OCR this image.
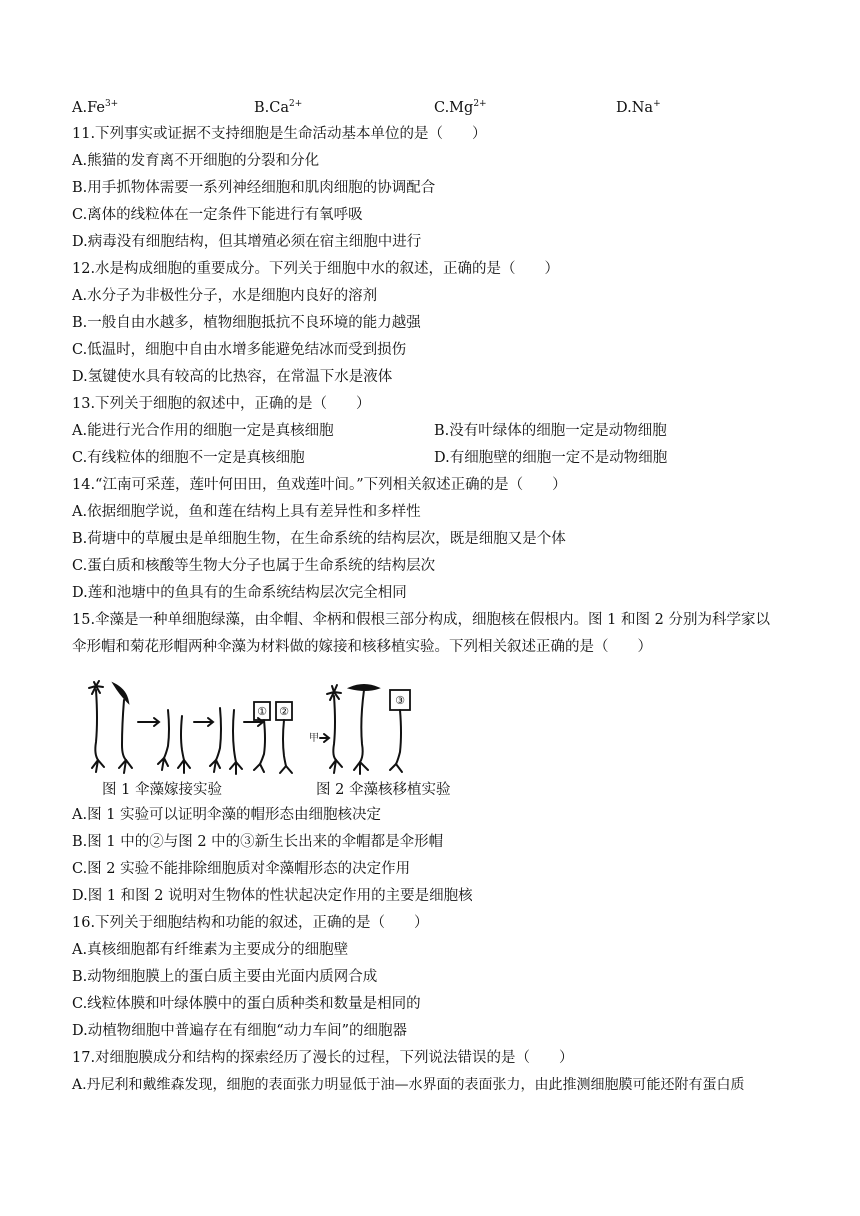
$A.Fe^{3+}$	$B.Ca^{2+}$	$C.Mg^{2+}$	D.Na+
11.下列事实或证据不支持细胞是生命活动基本单位的是（　　）
A.熊猫的发育离不开细胞的分裂和分化
B.用手抓物体需要一系列神经细胞和肌肉细胞的协调配合
C.离体的线粒体在一定条件下能进行有氧呼吸
D.病毒没有细胞结构，但其增殖必须在宿主细胞中进行
12.水是构成细胞的重要成分。下列关于细胞中水的叙述，正确的是（　　）
A.水分子为非极性分子，水是细胞内良好的溶剂
B.一般自由水越多，植物细胞抵抗不良环境的能力越强
C.低温时，细胞中自由水增多能避免结冰而受到损伤
D.氢键使水具有较高的比热容，在常温下水是液体
13.下列关于细胞的叙述中，正确的是（　　）
A.能进行光合作用的细胞一定是真核细胞	B.没有叶绿体的细胞一定是动物细胞
C.有线粒体的细胞不一定是真核细胞	D.有细胞壁的细胞一定不是动物细胞
14.“江南可采莲，莲叶何田田，鱼戏莲叶间。”下列相关叙述正确的是（　　）
A.依据细胞学说，鱼和莲在结构上具有差异性和多样性
B.荷塘中的草履虫是单细胞生物，在生命系统的结构层次，既是细胞又是个体
C.蛋白质和核酸等生物大分子也属于生命系统的结构层次
D.莲和池塘中的鱼具有的生命系统结构层次完全相同
15.伞藻是一种单细胞绿藻，由伞帽、伞柄和假根三部分构成，细胞核在假根内。图 1 和图 2 分别为科学家以
伞形帽和菊花形帽两种伞藻为材料做的嫁接和核移植实验。下列相关叙述正确的是（　　）
① ②
③
甲
图 1 伞藻嫁接实验	图 2 伞藻核移植实验
A.图 1 实验可以证明伞藻的帽形态由细胞核决定
B.图 1 中的②与图 2 中的③新生长出来的伞帽都是伞形帽
C.图 2 实验不能排除细胞质对伞藻帽形态的决定作用
D.图 1 和图 2 说明对生物体的性状起决定作用的主要是细胞核
16.下列关于细胞结构和功能的叙述，正确的是（　　）
A.真核细胞都有纤维素为主要成分的细胞壁
B.动物细胞膜上的蛋白质主要由光面内质网合成
C.线粒体膜和叶绿体膜中的蛋白质种类和数量是相同的
D.动植物细胞中普遍存在有细胞“动力车间”的细胞器
17.对细胞膜成分和结构的探索经历了漫长的过程，下列说法错误的是（　　）
A.丹尼利和戴维森发现，细胞的表面张力明显低于油—水界面的表面张力，由此推测细胞膜可能还附有蛋白质
